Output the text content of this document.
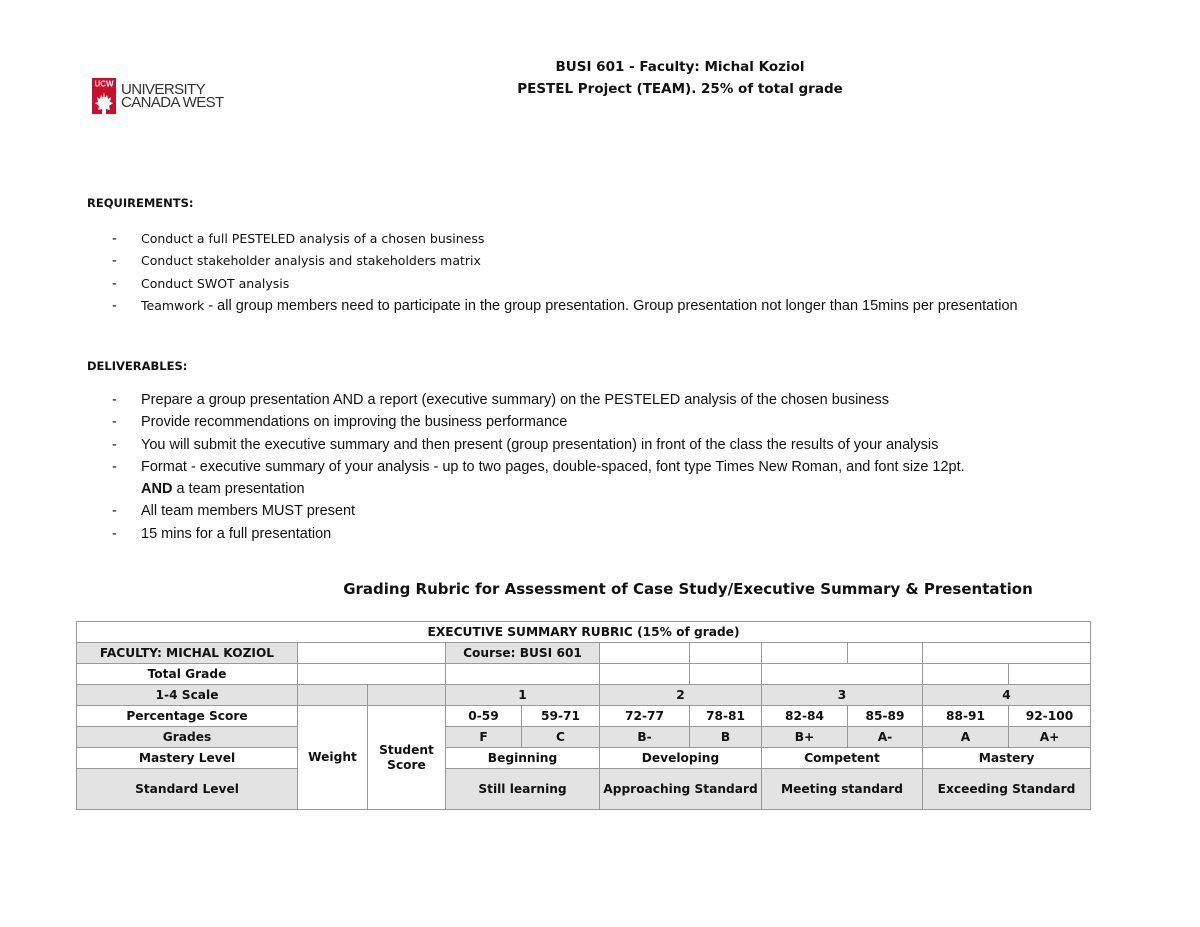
UCW UNIVERSITY
CANADA WEST
BUSI 601 - Faculty: Michal Koziol
PESTEL Project (TEAM). 25% of total grade
REQUIREMENTS:
- Conduct a full PESTELED analysis of a chosen business
- Conduct stakeholder analysis and stakeholders matrix
- Conduct SWOT analysis
- Teamwork - all group members need to participate in the group presentation. Group presentation not longer than 15mins per presentation
DELIVERABLES:
- Prepare a group presentation AND a report (executive summary) on the PESTELED analysis of the chosen business
- Provide recommendations on improving the business performance
- You will submit the executive summary and then present (group presentation) in front of the class the results of your analysis
- Format - executive summary of your analysis - up to two pages, double-spaced, font type Times New Roman, and font size 12pt.
AND a team presentation
- All team members MUST present
- 15 mins for a full presentation
Grading Rubric for Assessment of Case Study/Executive Summary & Presentation
EXECUTIVE SUMMARY RUBRIC (15% of grade)										
FACULTY: MICHAL KOZIOL			Course: BUSI 601							
Total Grade										
1-4 Scale			1		2		3		4	
Percentage Score	Weight	Student Score	0-59	59-71	72-77	78-81	82-84	85-89	88-91	92-100
Grades			F	C	B-	B	B+	A-	A	A+
Mastery Level			Beginning		Developing		Competent		Mastery	
Standard Level			Still learning		Approaching Standard		Meeting standard		Exceeding Standard	
